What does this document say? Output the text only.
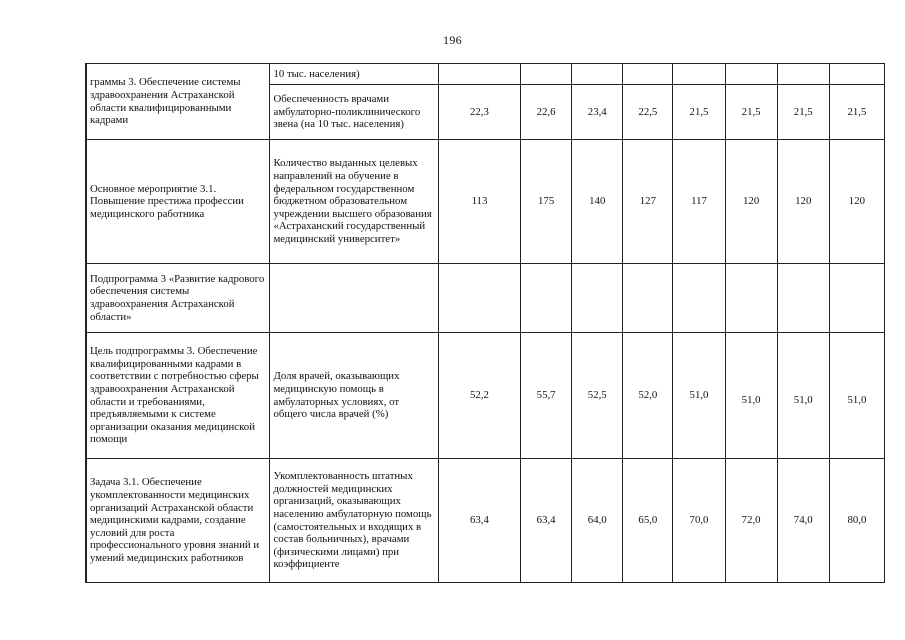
196
	граммы 3. Обеспечение системы здравоохранения Астраханской области квалифицированными кадрами	10 тыс. населения)								
	Обеспеченность врачами амбулаторно-поликлинического звена (на 10 тыс. населения)	22,3	22,6	23,4	22,5	21,5	21,5	21,5	21,5
	Основное мероприятие 3.1. Повышение престижа профессии медицинского работника	Количество выданных целевых направлений на обучение в федеральном государственном бюджетном образовательном учреждении высшего образования «Астраханский государственный медицинский университет»	113	175	140	127	117	120	120	120
	Подпрограмма 3 «Развитие кадрового обеспечения системы здравоохранения Астраханской области»									
	Цель подпрограммы 3. Обеспечение квалифицированными кадрами в соответствии с потребностью сферы здравоохранения Астраханской области и требованиями, предъявляемыми к системе организации оказания медицинской помощи	Доля врачей, оказывающих медицинскую помощь в амбулаторных условиях, от общего числа врачей (%)	52,2	55,7	52,5	52,0	51,0	51,0	51,0	51,0
	Задача 3.1. Обеспечение укомплектованности медицинских организаций Астраханской области медицинскими кадрами, создание условий для роста профессионального уровня знаний и умений медицинских работников	Укомплектованность штатных должностей медицинских организаций, оказывающих населению амбулаторную помощь (самостоятельных и входящих в состав больничных), врачами (физическими лицами) при коэффициенте	63,4	63,4	64,0	65,0	70,0	72,0	74,0	80,0
